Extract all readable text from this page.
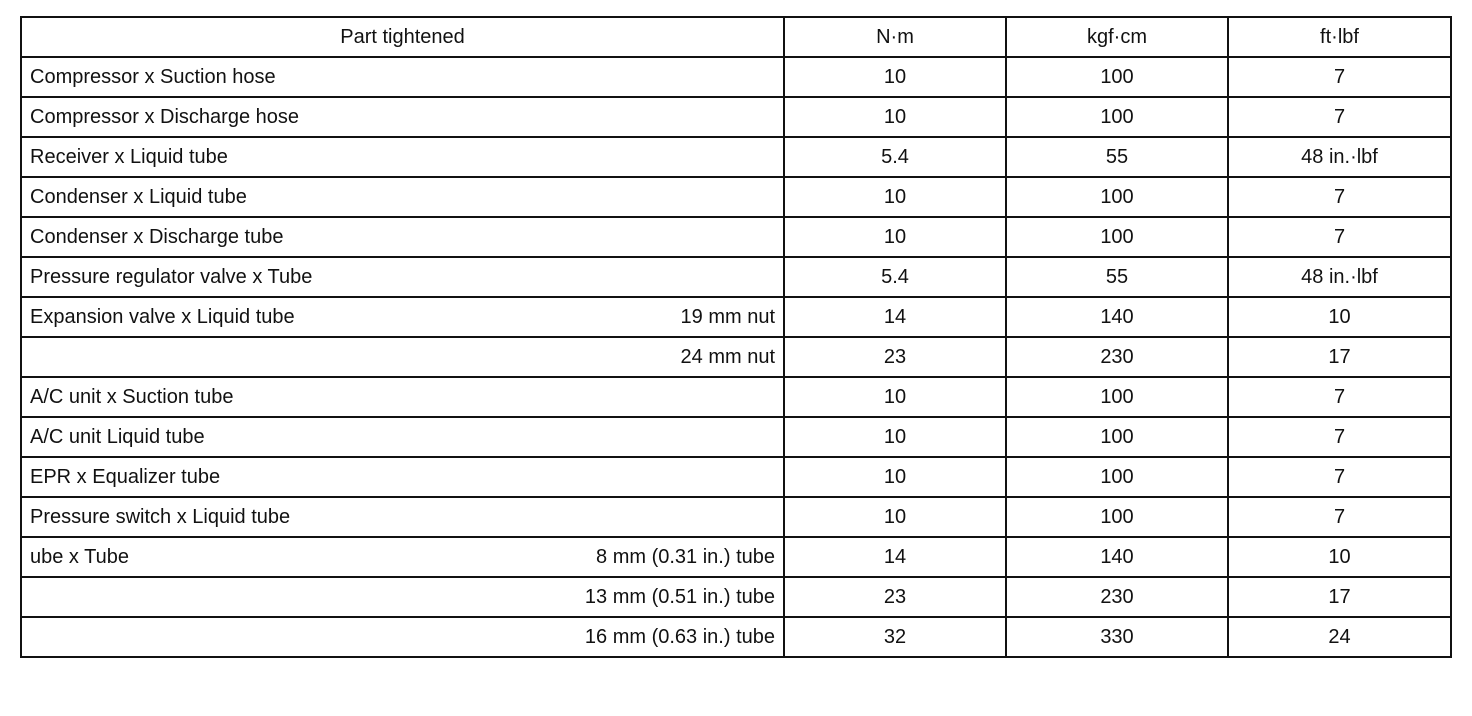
Part tightened	N·m	kgf·cm	ft·lbf

Compressor x Suction hose	10	100	7

Compressor x Discharge hose	10	100	7

Receiver x Liquid tube	5.4	55	48 in.·lbf

Condenser x Liquid tube	10	100	7

Condenser x Discharge tube	10	100	7

Pressure regulator valve x Tube	5.4	55	48 in.·lbf

Expansion valve x Liquid tube 19 mm nut	14	140	10

24 mm nut	23	230	17

A/C unit x Suction tube	10	100	7

A/C unit Liquid tube	10	100	7

EPR x Equalizer tube	10	100	7

Pressure switch x Liquid tube	10	100	7

ube x Tube 8 mm (0.31 in.) tube	14	140	10

13 mm (0.51 in.) tube	23	230	17

16 mm (0.63 in.) tube	32	330	24
